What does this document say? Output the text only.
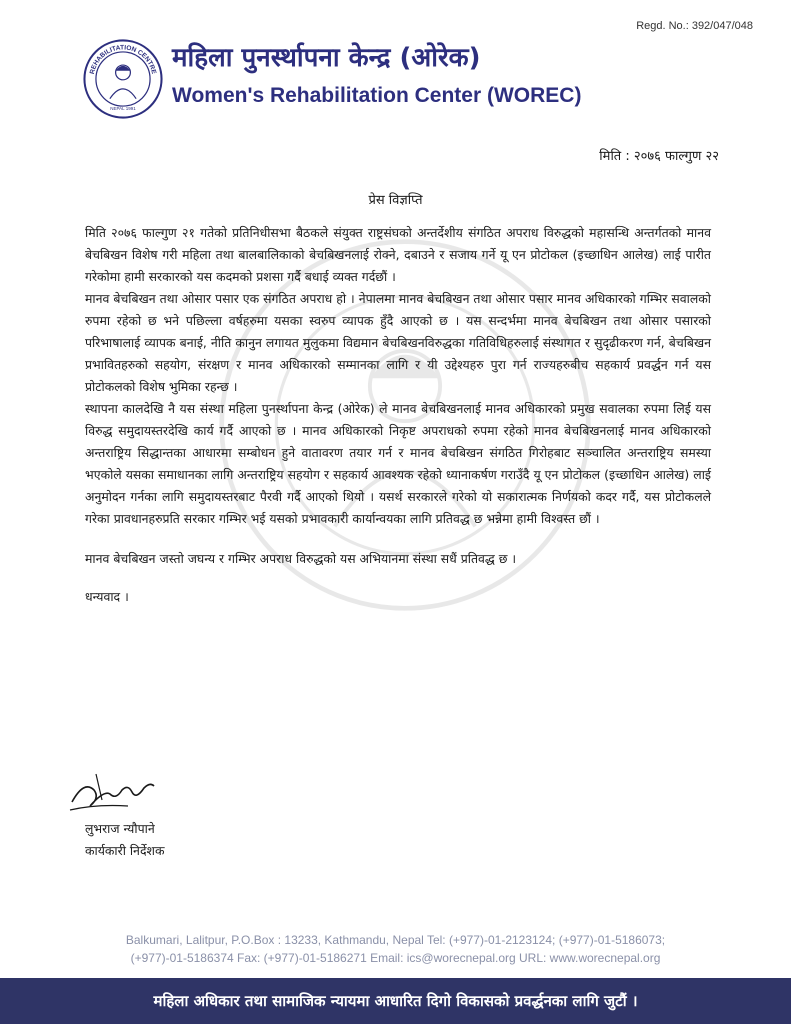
Regd. No.: 392/047/048
REHABILITATION CENTRE
NEPAL 1991
महिला पुनर्स्थापना केन्द्र (ओरेक)
Women's Rehabilitation Center (WOREC)
मिति : २०७६ फाल्गुण २२
प्रेस विज्ञप्ति

मिति २०७६ फाल्गुण २१ गतेको प्रतिनिधीसभा बैठकले संयुक्त राष्ट्रसंघको अन्तर्देशीय संगठित अपराध विरुद्धको महासन्धि अन्तर्गतको मानव बेचबिखन विशेष गरी महिला तथा बालबालिकाको बेचबिखनलाई रोक्ने, दबाउने र सजाय गर्ने यू एन प्रोटोकल (इच्छाधिन आलेख) लाई पारीत गरेकोमा हामी सरकारको यस कदमको प्रशसा गर्दै बधाई व्यक्त गर्दछौं ।

मानव बेचबिखन तथा ओसार पसार एक संगठित अपराध हो । नेपालमा मानव बेचबिखन तथा ओसार पसार मानव अधिकारको गम्भिर सवालको रुपमा रहेको छ भने पछिल्ला वर्षहरुमा यसका स्वरुप व्यापक हुँदै आएको छ । यस सन्दर्भमा मानव बेचबिखन तथा ओसार पसारको परिभाषालाई व्यापक बनाई, नीति कानुन लगायत मुलुकमा विद्यमान बेचबिखनविरुद्धका गतिविधिहरुलाई संस्थागत र सुदृढीकरण गर्न, बेचबिखन प्रभावितहरुको सहयोग, संरक्षण र मानव अधिकारको सम्मानका लागि र यी उद्देश्यहरु पुरा गर्न राज्यहरुबीच सहकार्य प्रवर्द्धन गर्न यस प्रोटोकलको विशेष भुमिका रहन्छ ।

स्थापना कालदेखि नै यस संस्था महिला पुनर्स्थापना केन्द्र (ओरेक) ले मानव बेचबिखनलाई मानव अधिकारको प्रमुख सवालका रुपमा लिई यस विरुद्ध समुदायस्तरदेखि कार्य गर्दै आएको छ । मानव अधिकारको निकृष्ट अपराधको रुपमा रहेको मानव बेचबिखनलाई मानव अधिकारको अन्तराष्ट्रिय सिद्धान्तका आधारमा सम्बोधन हुने वातावरण तयार गर्न र मानव बेचबिखन संगठित गिरोहबाट सञ्चालित अन्तराष्ट्रिय समस्या भएकोले यसका समाधानका लागि अन्तराष्ट्रिय सहयोग र सहकार्य आवश्यक रहेको ध्यानाकर्षण गराउँदै यू एन प्रोटोकल (इच्छाधिन आलेख) लाई अनुमोदन गर्नका लागि समुदायस्तरबाट पैरवी गर्दै आएको थियो । यसर्थ सरकारले गरेको यो सकारात्मक निर्णयको कदर गर्दै, यस प्रोटोकलले गरेका प्रावधानहरुप्रति सरकार गम्भिर भई यसको प्रभावकारी कार्यान्वयका लागि प्रतिवद्ध छ भन्नेमा हामी विश्वस्त छौं ।

मानव बेचबिखन जस्तो जघन्य र गम्भिर अपराध विरुद्धको यस अभियानमा संस्था सधैं प्रतिवद्ध छ ।

धन्यवाद ।

लुभराज न्यौपाने
कार्यकारी निर्देशक
Balkumari, Lalitpur, P.O.Box : 13233, Kathmandu, Nepal Tel: (+977)-01-2123124; (+977)-01-5186073;
(+977)-01-5186374 Fax: (+977)-01-5186271 Email: ics@worecnepal.org URL: www.worecnepal.org
महिला अधिकार तथा सामाजिक न्यायमा आधारित दिगो विकासको प्रवर्द्धनका लागि जुटौं ।
